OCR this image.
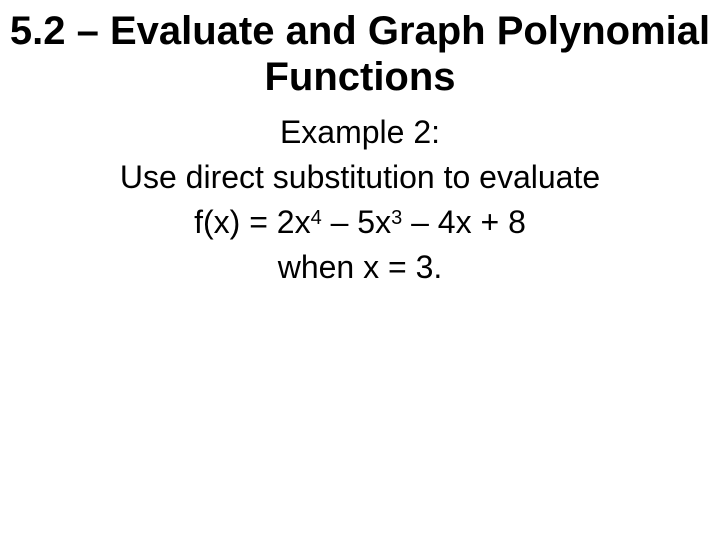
5.2 – Evaluate and Graph Polynomial
Functions
Example 2:
Use direct substitution to evaluate
$f(x) = 2x^4 - 5x^3 - 4x + 8$
when x = 3.
